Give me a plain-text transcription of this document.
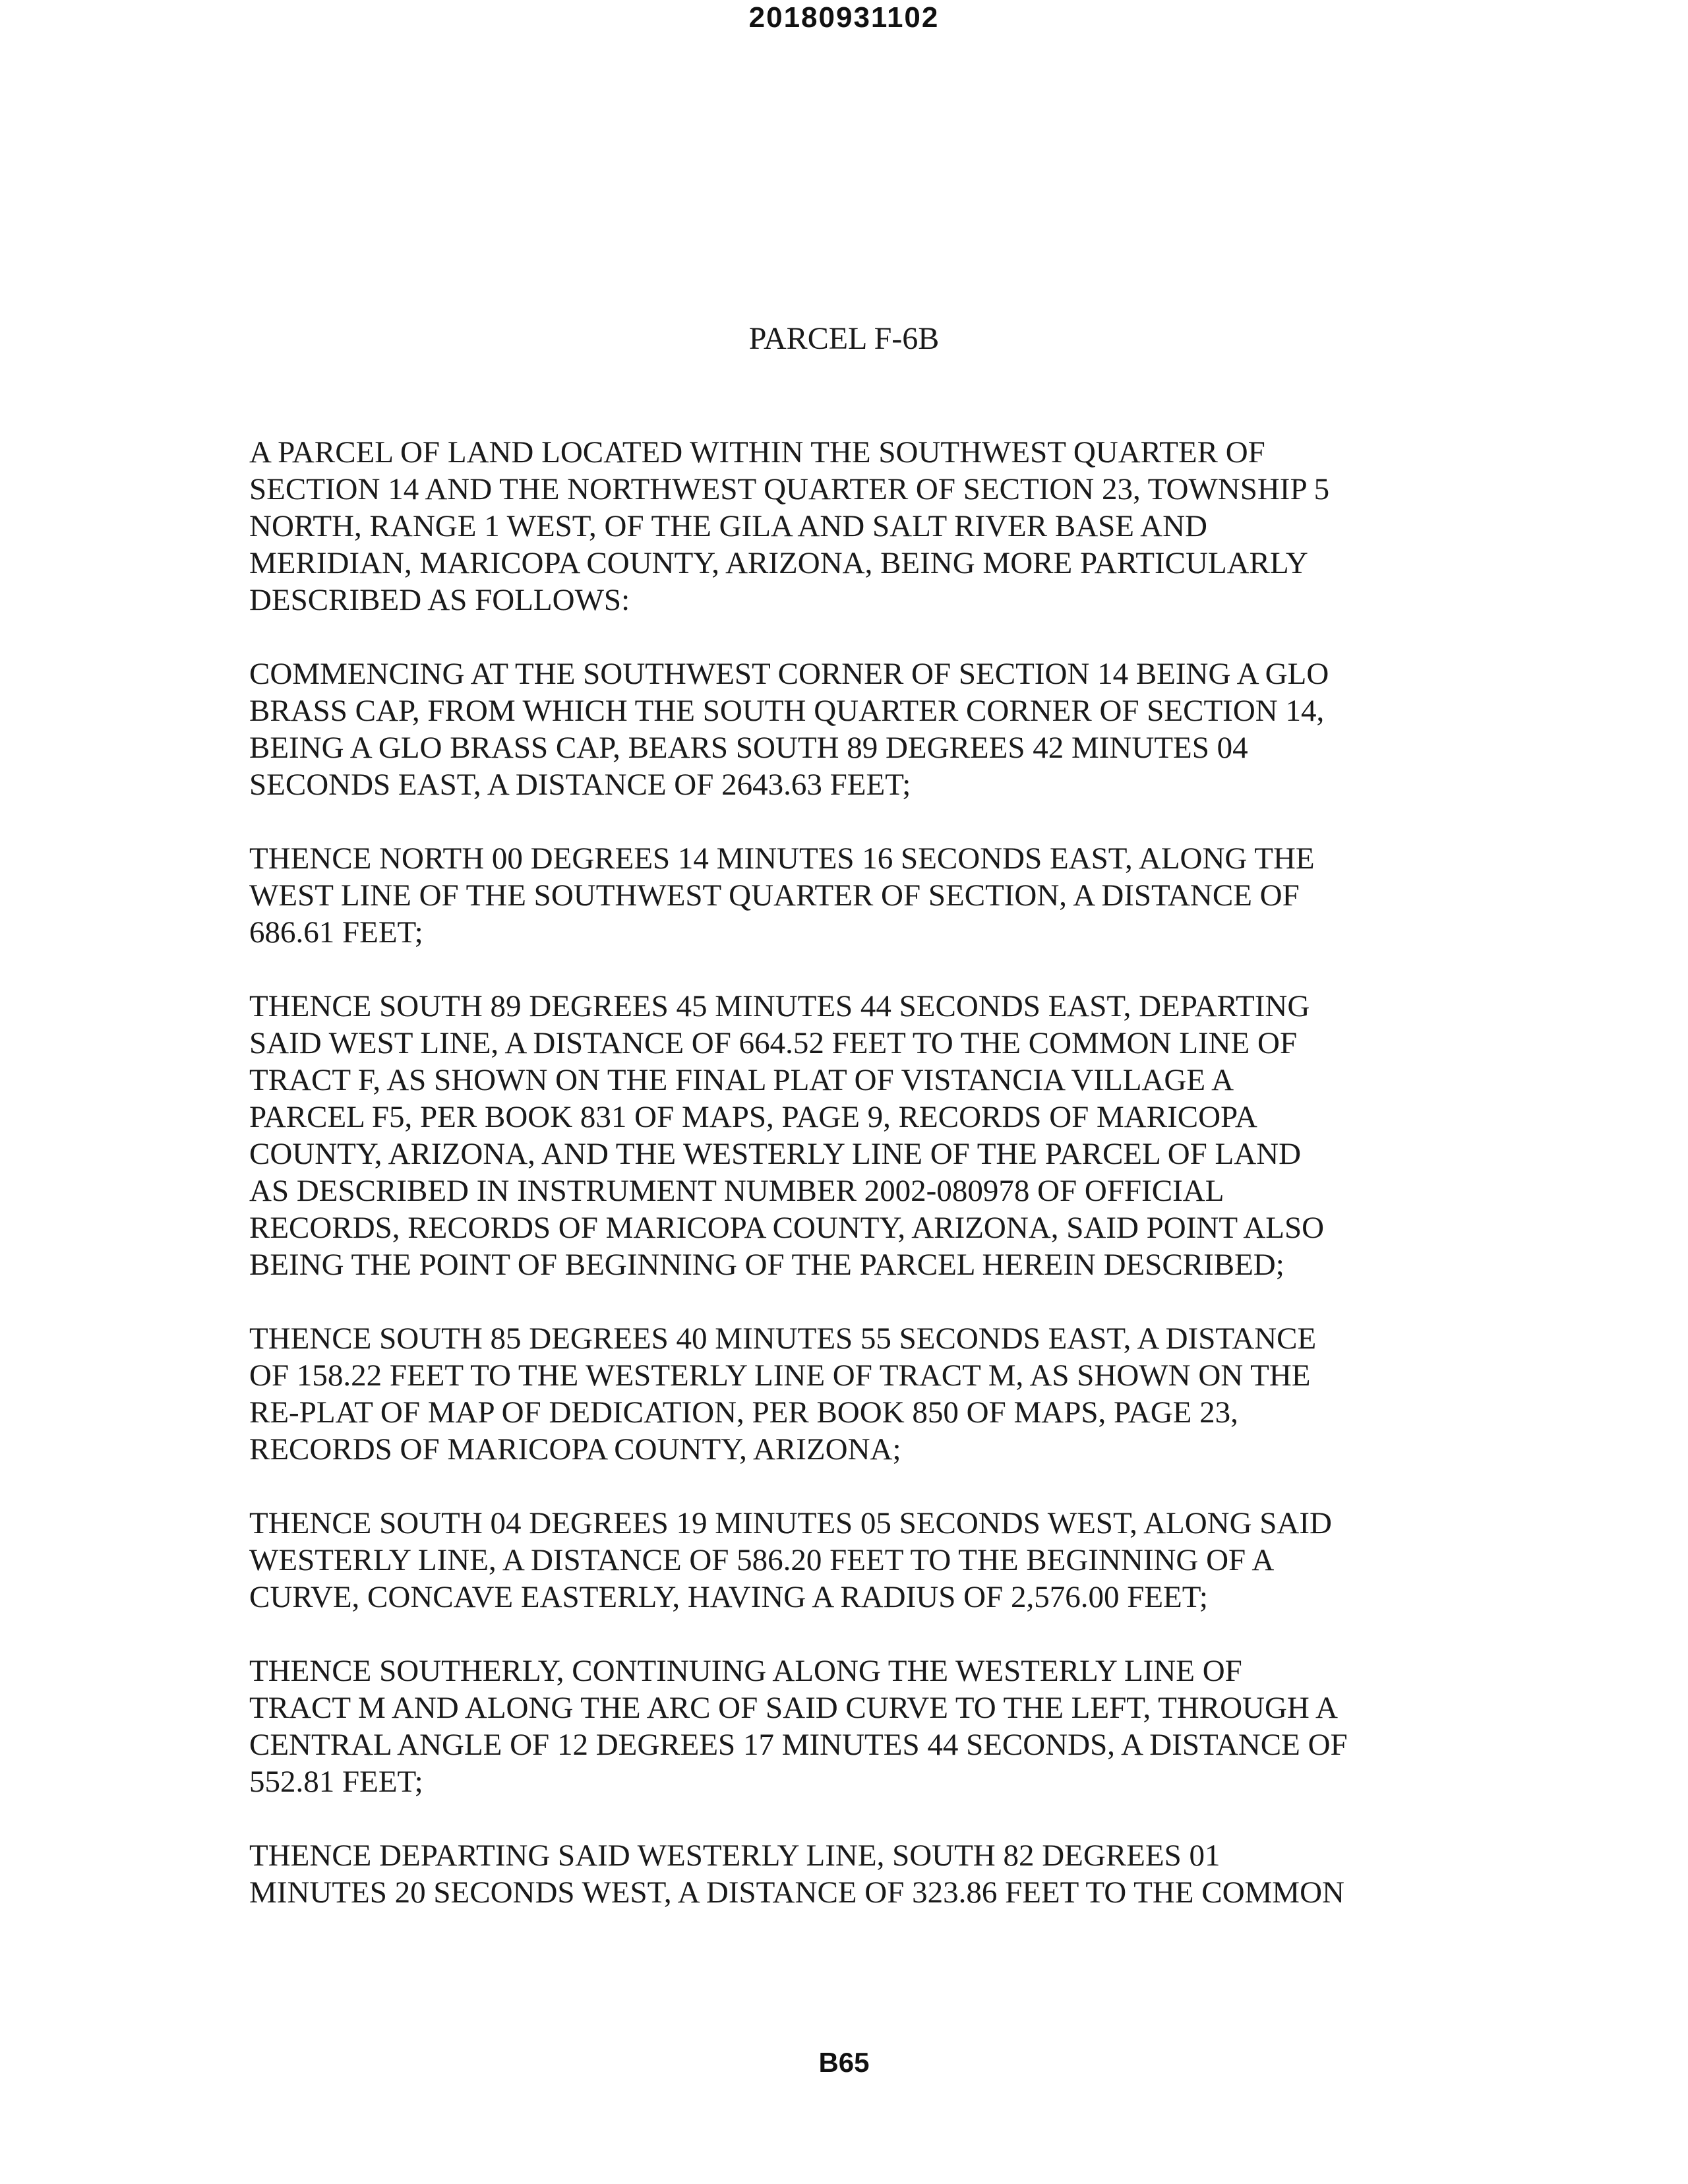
20180931102
PARCEL F-6B

A PARCEL OF LAND LOCATED WITHIN THE SOUTHWEST QUARTER OF
SECTION 14 AND THE NORTHWEST QUARTER OF SECTION 23, TOWNSHIP 5
NORTH, RANGE 1 WEST, OF THE GILA AND SALT RIVER BASE AND
MERIDIAN, MARICOPA COUNTY, ARIZONA, BEING MORE PARTICULARLY
DESCRIBED AS FOLLOWS:

COMMENCING AT THE SOUTHWEST CORNER OF SECTION 14 BEING A GLO
BRASS CAP, FROM WHICH THE SOUTH QUARTER CORNER OF SECTION 14,
BEING A GLO BRASS CAP, BEARS SOUTH 89 DEGREES 42 MINUTES 04
SECONDS EAST, A DISTANCE OF 2643.63 FEET;

THENCE NORTH 00 DEGREES 14 MINUTES 16 SECONDS EAST, ALONG THE
WEST LINE OF THE SOUTHWEST QUARTER OF SECTION, A DISTANCE OF
686.61 FEET;

THENCE SOUTH 89 DEGREES 45 MINUTES 44 SECONDS EAST, DEPARTING
SAID WEST LINE, A DISTANCE OF 664.52 FEET TO THE COMMON LINE OF
TRACT F, AS SHOWN ON THE FINAL PLAT OF VISTANCIA VILLAGE A
PARCEL F5, PER BOOK 831 OF MAPS, PAGE 9, RECORDS OF MARICOPA
COUNTY, ARIZONA, AND THE WESTERLY LINE OF THE PARCEL OF LAND
AS DESCRIBED IN INSTRUMENT NUMBER 2002-080978 OF OFFICIAL
RECORDS, RECORDS OF MARICOPA COUNTY, ARIZONA, SAID POINT ALSO
BEING THE POINT OF BEGINNING OF THE PARCEL HEREIN DESCRIBED;

THENCE SOUTH 85 DEGREES 40 MINUTES 55 SECONDS EAST, A DISTANCE
OF 158.22 FEET TO THE WESTERLY LINE OF TRACT M, AS SHOWN ON THE
RE-PLAT OF MAP OF DEDICATION, PER BOOK 850 OF MAPS, PAGE 23,
RECORDS OF MARICOPA COUNTY, ARIZONA;

THENCE SOUTH 04 DEGREES 19 MINUTES 05 SECONDS WEST, ALONG SAID
WESTERLY LINE, A DISTANCE OF 586.20 FEET TO THE BEGINNING OF A
CURVE, CONCAVE EASTERLY, HAVING A RADIUS OF 2,576.00 FEET;

THENCE SOUTHERLY, CONTINUING ALONG THE WESTERLY LINE OF
TRACT M AND ALONG THE ARC OF SAID CURVE TO THE LEFT, THROUGH A
CENTRAL ANGLE OF 12 DEGREES 17 MINUTES 44 SECONDS, A DISTANCE OF
552.81 FEET;

THENCE DEPARTING SAID WESTERLY LINE, SOUTH 82 DEGREES 01
MINUTES 20 SECONDS WEST, A DISTANCE OF 323.86 FEET TO THE COMMON

B65
